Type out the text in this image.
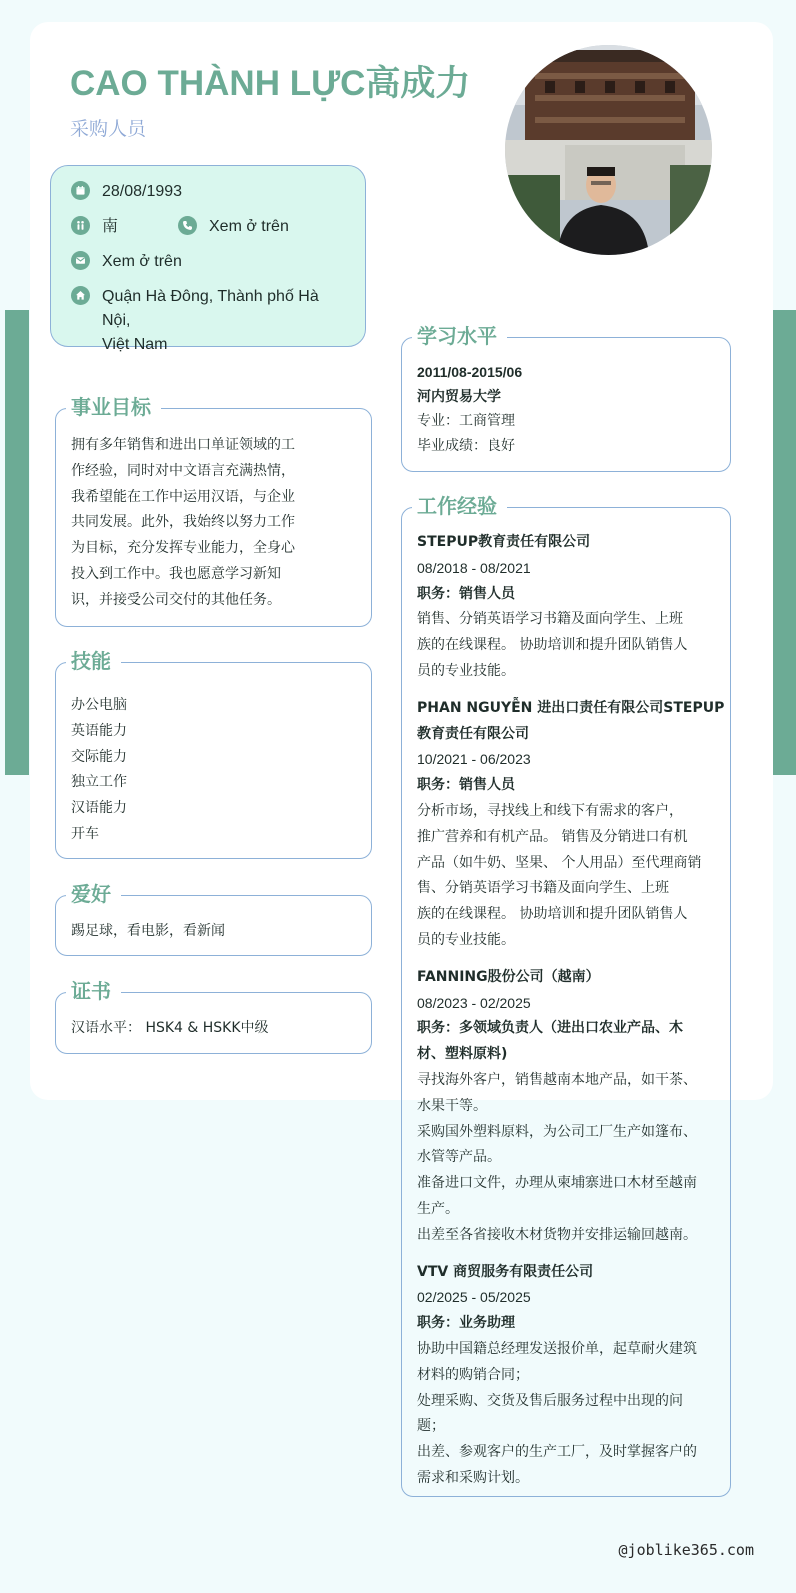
CAO THÀNH LỰC高成力
采购人员
28/08/1993
南	Xem ở trên
Xem ở trên
Quận Hà Đông, Thành phố Hà Nội,
Việt Nam
事业目标
拥有多年销售和进出口单证领域的工
作经验，同时对中文语言充满热情，
我希望能在工作中运用汉语，与企业
共同发展。此外，我始终以努力工作
为目标，充分发挥专业能力，全身心
投入到工作中。我也愿意学习新知
识，并接受公司交付的其他任务。
技能
办公电脑
英语能力
交际能力
独立工作
汉语能力
开车
爱好
踢足球，看电影，看新闻
证书
汉语水平： HSK4 & HSKK中级
学习水平
2011/08-2015/06
河内贸易大学
专业：工商管理
毕业成绩：良好
工作经验
STEPUP教育责任有限公司
08/2018 - 08/2021
职务：销售人员
销售、分销英语学习书籍及面向学生、上班
族的在线课程。 协助培训和提升团队销售人
员的专业技能。
PHAN NGUYỄN 进出口责任有限公司STEPUP
教育责任有限公司
10/2021 - 06/2023
职务：销售人员
分析市场，寻找线上和线下有需求的客户，
推广营养和有机产品。 销售及分销进口有机
产品（如牛奶、坚果、 个人用品）至代理商销
售、分销英语学习书籍及面向学生、上班
族的在线课程。 协助培训和提升团队销售人
员的专业技能。
FANNING股份公司（越南）
08/2023 - 02/2025
职务：多领域负责人（进出口农业产品、木
材、塑料原料)
寻找海外客户，销售越南本地产品，如干茶、
水果干等。
采购国外塑料原料，为公司工厂生产如篷布、
水管等产品。
准备进口文件，办理从柬埔寨进口木材至越南
生产。
出差至各省接收木材货物并安排运输回越南。
VTV 商贸服务有限责任公司
02/2025 - 05/2025
职务：业务助理
协助中国籍总经理发送报价单，起草耐火建筑
材料的购销合同；
处理采购、交货及售后服务过程中出现的问
题；
出差、参观客户的生产工厂，及时掌握客户的
需求和采购计划。
@joblike365.com
